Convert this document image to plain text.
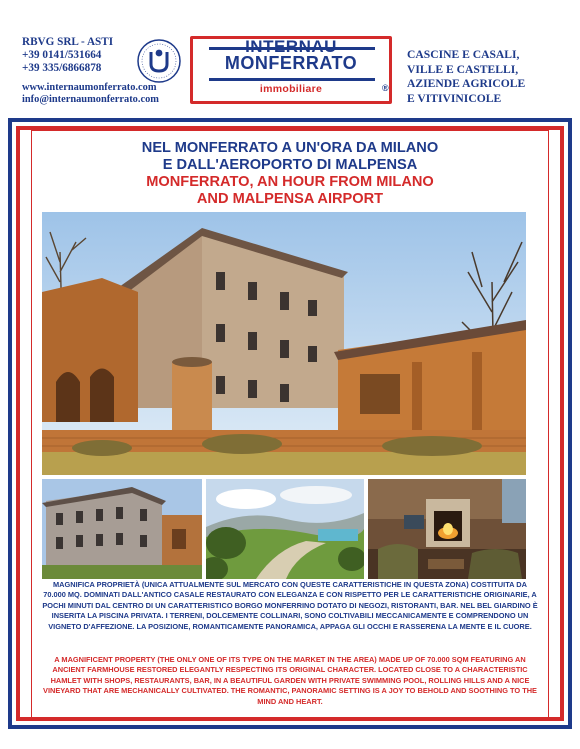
RBVG SRL - ASTI
+39 0141/531664
+39 335/6866878
www.internaumonferrato.com
info@internaumonferrato.com
INTERNAU
MONFERRATO
immobiliare	®
CASCINE E CASALI,
VILLE E CASTELLI,
AZIENDE AGRICOLE
E VITIVINICOLE
NEL MONFERRATO A UN'ORA DA MILANO
E DALL'AEROPORTO DI MALPENSA
MONFERRATO, AN HOUR FROM MILANO
AND MALPENSA AIRPORT
MAGNIFICA PROPRIETÀ (UNICA ATTUALMENTE SUL MERCATO CON QUESTE CARATTERISTICHE IN QUESTA ZONA) COSTITUITA DA 70.000 MQ. DOMINATI DALL'ANTICO CASALE RESTAURATO CON ELEGANZA E CON RISPETTO PER LE CARATTERISTICHE ORIGINARIE, A POCHI MINUTI DAL CENTRO DI UN CARATTERISTICO BORGO MONFERRINO DOTATO DI NEGOZI, RISTORANTI, BAR. NEL BEL GIARDINO È INSERITA LA PISCINA PRIVATA. I TERRENI, DOLCEMENTE COLLINARI, SONO COLTIVABILI MECCANICAMENTE E COMPRENDONO UN VIGNETO D'AFFEZIONE. LA POSIZIONE, ROMANTICAMENTE PANORAMICA, APPAGA GLI OCCHI E RASSERENA LA MENTE E IL CUORE.
A MAGNIFICENT PROPERTY (THE ONLY ONE OF ITS TYPE ON THE MARKET IN THE AREA) MADE UP OF 70.000 SQM FEATURING AN ANCIENT FARMHOUSE RESTORED ELEGANTLY RESPECTING ITS ORIGINAL CHARACTER. LOCATED CLOSE TO A CHARACTERISTIC HAMLET WITH SHOPS, RESTAURANTS, BAR, IN A BEAUTIFUL GARDEN WITH PRIVATE SWIMMING POOL, ROLLING HILLS AND A NICE VINEYARD THAT ARE MECHANICALLY CULTIVATED. THE ROMANTIC, PANORAMIC SETTING IS A JOY TO BEHOLD AND SOOTHING TO THE MIND AND HEART.
